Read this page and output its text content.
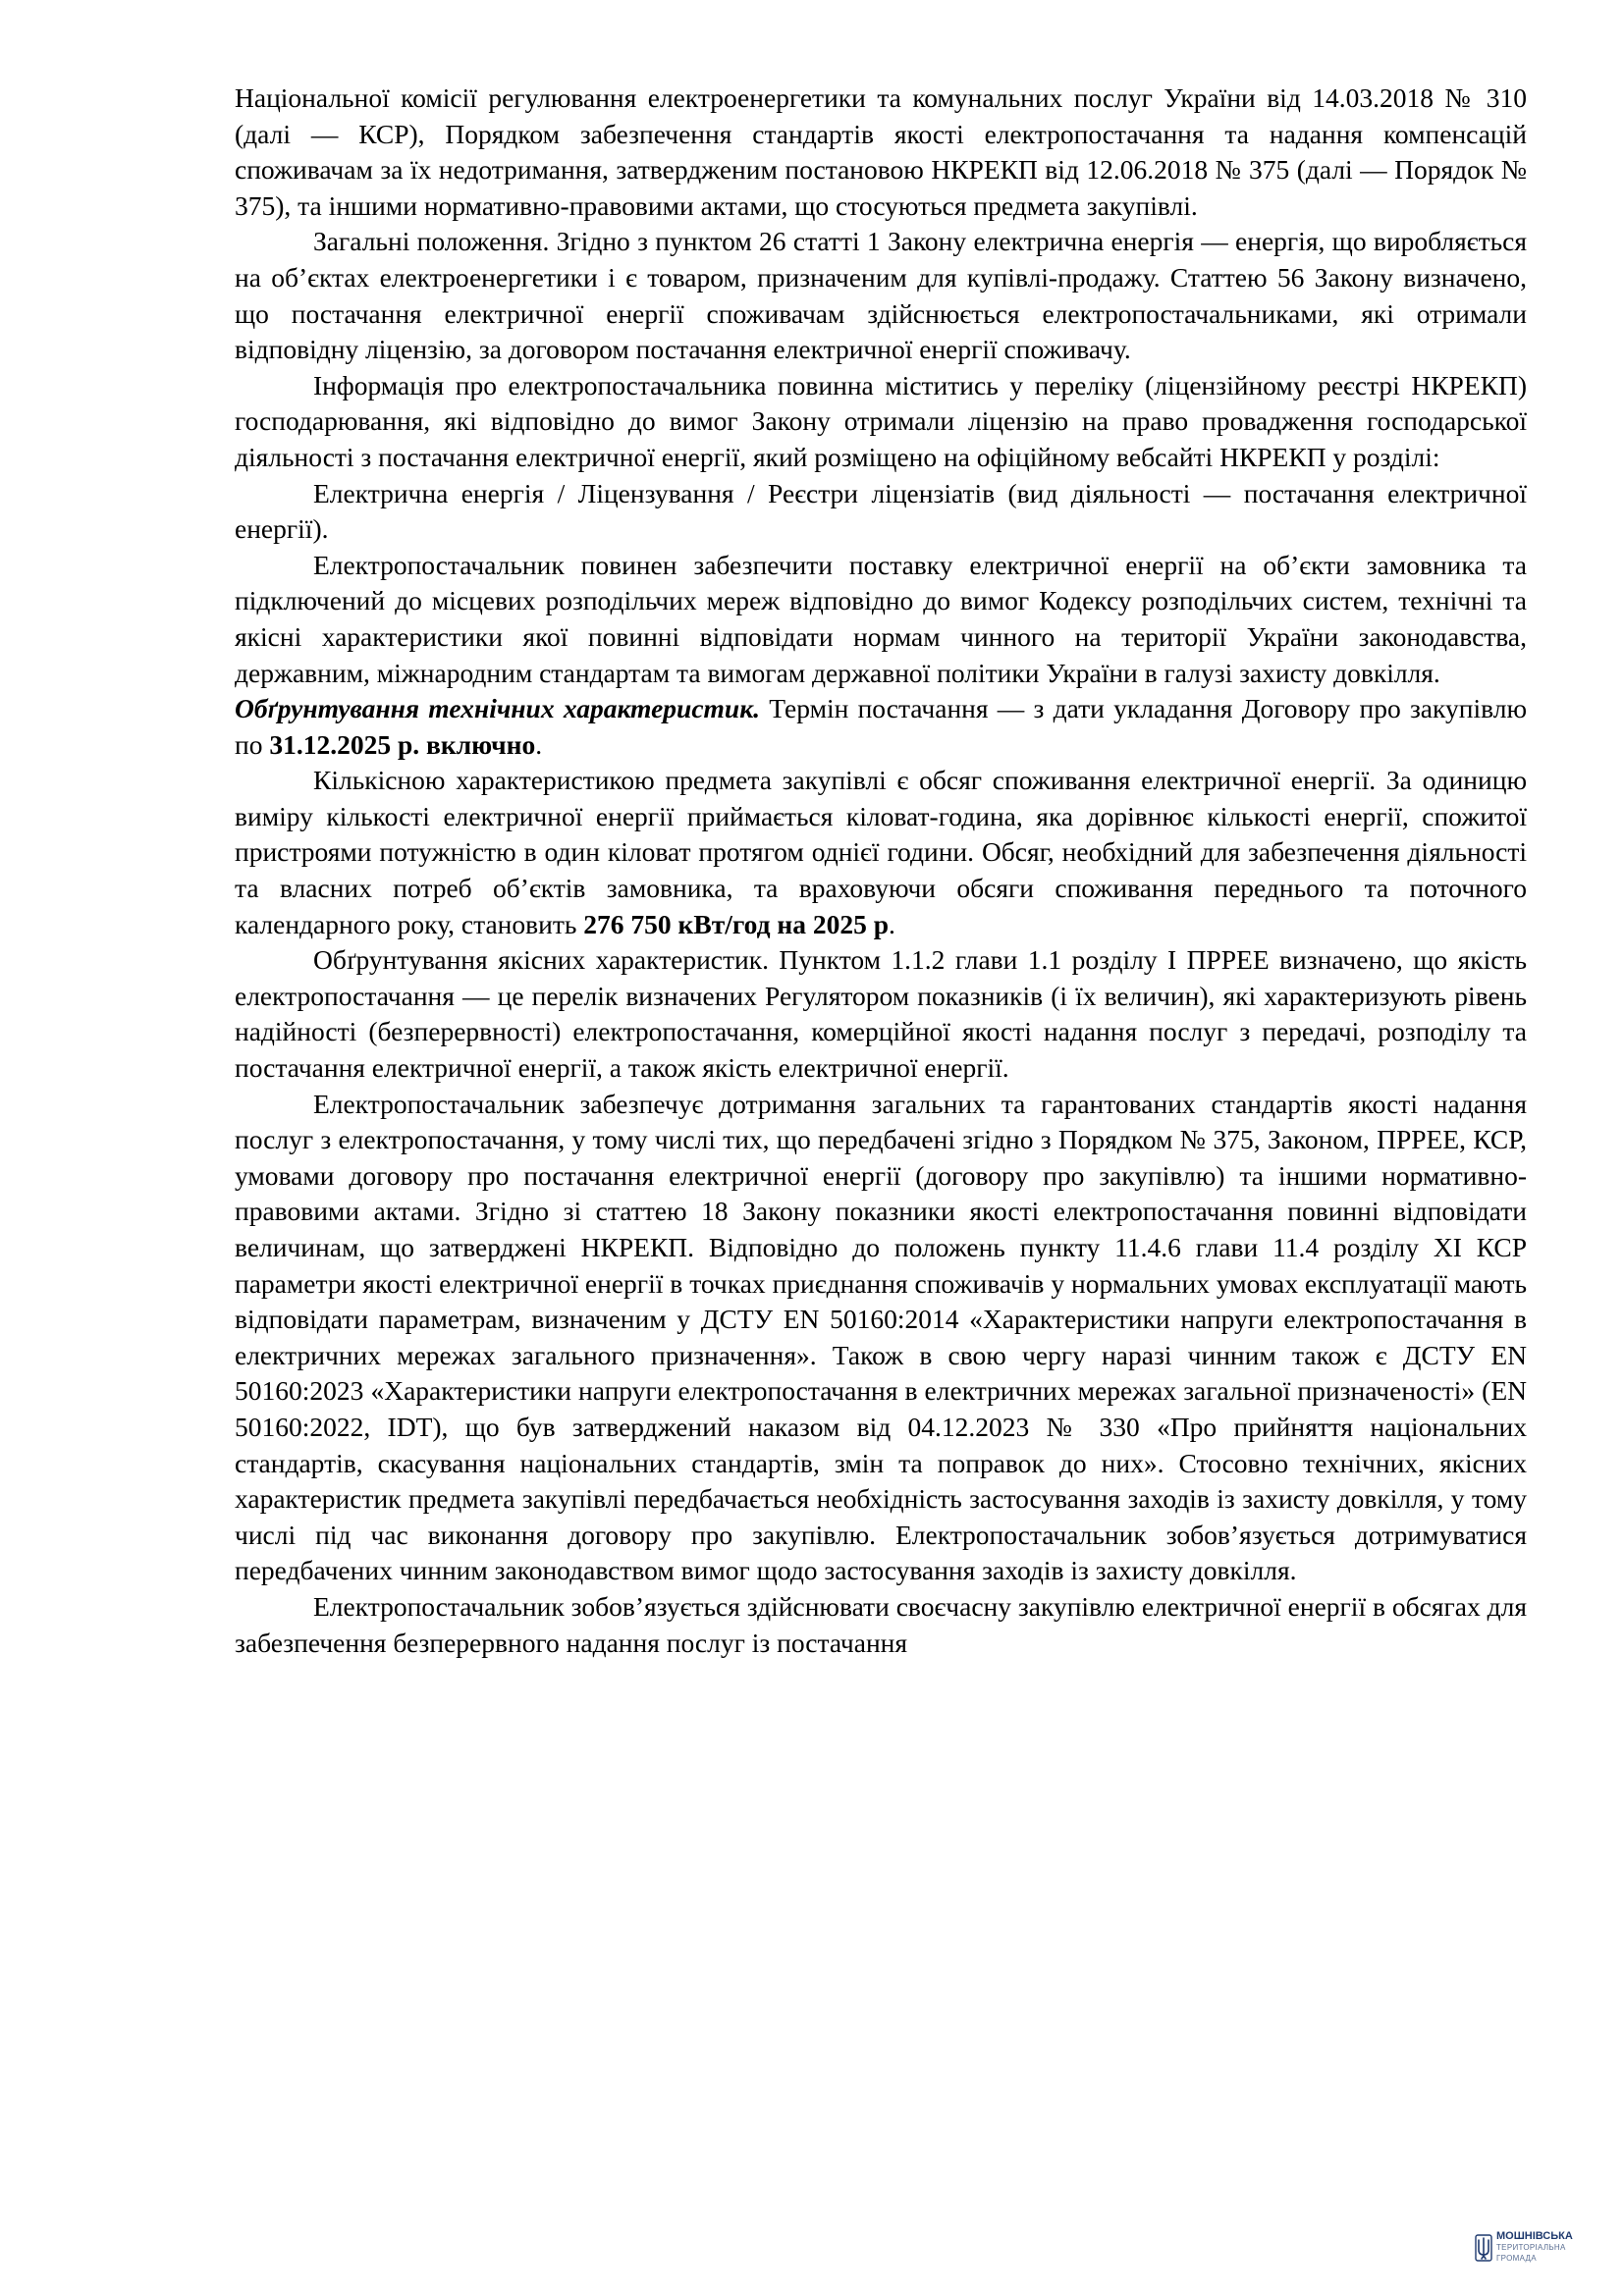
Національної комісії регулювання електроенергетики та комунальних послуг України від 14.03.2018 № 310 (далі — КСР), Порядком забезпечення стандартів якості електропостачання та надання компенсацій споживачам за їх недотримання, затвердженим постановою НКРЕКП від 12.06.2018 № 375 (далі — Порядок № 375), та іншими нормативно-правовими актами, що стосуються предмета закупівлі.

Загальні положення. Згідно з пунктом 26 статті 1 Закону електрична енергія — енергія, що виробляється на об’єктах електроенергетики і є товаром, призначеним для купівлі-продажу. Статтею 56 Закону визначено, що постачання електричної енергії споживачам здійснюється електропостачальниками, які отримали відповідну ліцензію, за договором постачання електричної енергії споживачу.

Інформація про електропостачальника повинна міститись у переліку (ліцензійному реєстрі НКРЕКП) господарювання, які відповідно до вимог Закону отримали ліцензію на право провадження господарської діяльності з постачання електричної енергії, який розміщено на офіційному вебсайті НКРЕКП у розділі:

Електрична енергія / Ліцензування / Реєстри ліцензіатів (вид діяльності — постачання електричної енергії).

Електропостачальник повинен забезпечити поставку електричної енергії на об’єкти замовника та підключений до місцевих розподільчих мереж відповідно до вимог Кодексу розподільчих систем, технічні та якісні характеристики якої повинні відповідати нормам чинного на території України законодавства, державним, міжнародним стандартам та вимогам державної політики України в галузі захисту довкілля.

Обґрунтування технічних характеристик. Термін постачання — з дати укладання Договору про закупівлю по 31.12.2025 р. включно.

Кількісною характеристикою предмета закупівлі є обсяг споживання електричної енергії. За одиницю виміру кількості електричної енергії приймається кіловат-година, яка дорівнює кількості енергії, спожитої пристроями потужністю в один кіловат протягом однієї години. Обсяг, необхідний для забезпечення діяльності та власних потреб об’єктів замовника, та враховуючи обсяги споживання переднього та поточного календарного року, становить 276 750 кВт/год на 2025 р.

Обґрунтування якісних характеристик. Пунктом 1.1.2 глави 1.1 розділу І ПРРЕЕ визначено, що якість електропостачання — це перелік визначених Регулятором показників (і їх величин), які характеризують рівень надійності (безперервності) електропостачання, комерційної якості надання послуг з передачі, розподілу та постачання електричної енергії, а також якість електричної енергії.

Електропостачальник забезпечує дотримання загальних та гарантованих стандартів якості надання послуг з електропостачання, у тому числі тих, що передбачені згідно з Порядком № 375, Законом, ПРРЕЕ, КСР, умовами договору про постачання електричної енергії (договору про закупівлю) та іншими нормативно-правовими актами. Згідно зі статтею 18 Закону показники якості електропостачання повинні відповідати величинам, що затверджені НКРЕКП. Відповідно до положень пункту 11.4.6 глави 11.4 розділу XI КСР параметри якості електричної енергії в точках приєднання споживачів у нормальних умовах експлуатації мають відповідати параметрам, визначеним у ДСТУ EN 50160:2014 «Характеристики напруги електропостачання в електричних мережах загального призначення». Також в свою чергу наразі чинним також є ДСТУ EN 50160:2023 «Характеристики напруги електропостачання в електричних мережах загальної призначеності» (EN 50160:2022, IDT), що був затверджений наказом від 04.12.2023 № 330 «Про прийняття національних стандартів, скасування національних стандартів, змін та поправок до них». Стосовно технічних, якісних характеристик предмета закупівлі передбачається необхідність застосування заходів із захисту довкілля, у тому числі під час виконання договору про закупівлю. Електропостачальник зобов’язується дотримуватися передбачених чинним законодавством вимог щодо застосування заходів із захисту довкілля.

Електропостачальник зобов’язується здійснювати своєчасну закупівлю електричної енергії в обсягах для забезпечення безперервного надання послуг із постачання

МОШНІВСЬКА
ТЕРИТОРІАЛЬНА
ГРОМАДА
